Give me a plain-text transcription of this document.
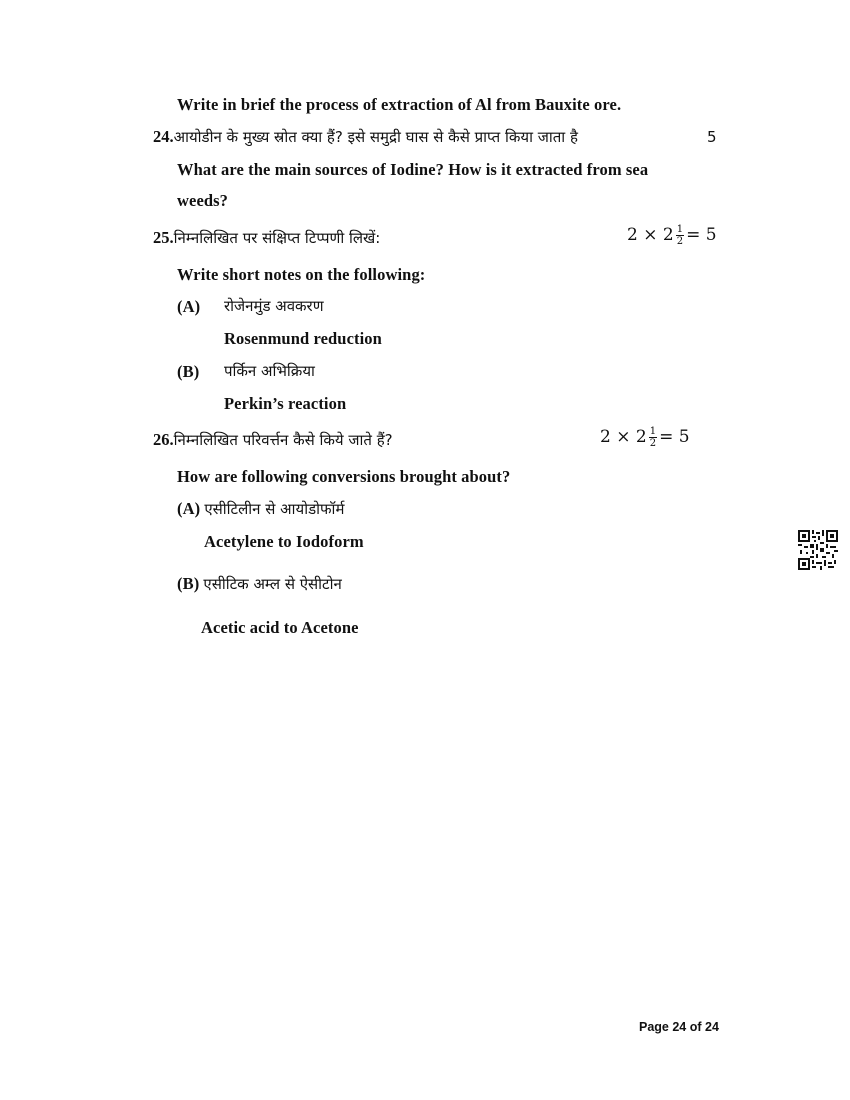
Write in brief the process of extraction of Al from Bauxite ore.
24.आयोडीन के मुख्य स्रोत क्या हैं? इसे समुद्री घास से कैसे प्राप्त किया जाता है	5
What are the main sources of Iodine? How is it extracted from sea
weeds?
25.निम्नलिखित पर संक्षिप्त टिप्पणी लिखें:	$2 \times 2 \frac{1}{2} = 5$
Write short notes on the following:
(A) रोजेनमुंड अवकरण
Rosenmund reduction
(B) पर्किन अभिक्रिया
Perkin’s reaction
26.निम्नलिखित परिवर्त्तन कैसे किये जाते हैं?	$2 \times 2 \frac{1}{2} = 5$
How are following conversions brought about?
(A) एसीटिलीन से आयोडोफॉर्म
Acetylene to Iodoform
(B) एसीटिक अम्ल से ऐसीटोन
Acetic acid to Acetone
Page 24 of 24
